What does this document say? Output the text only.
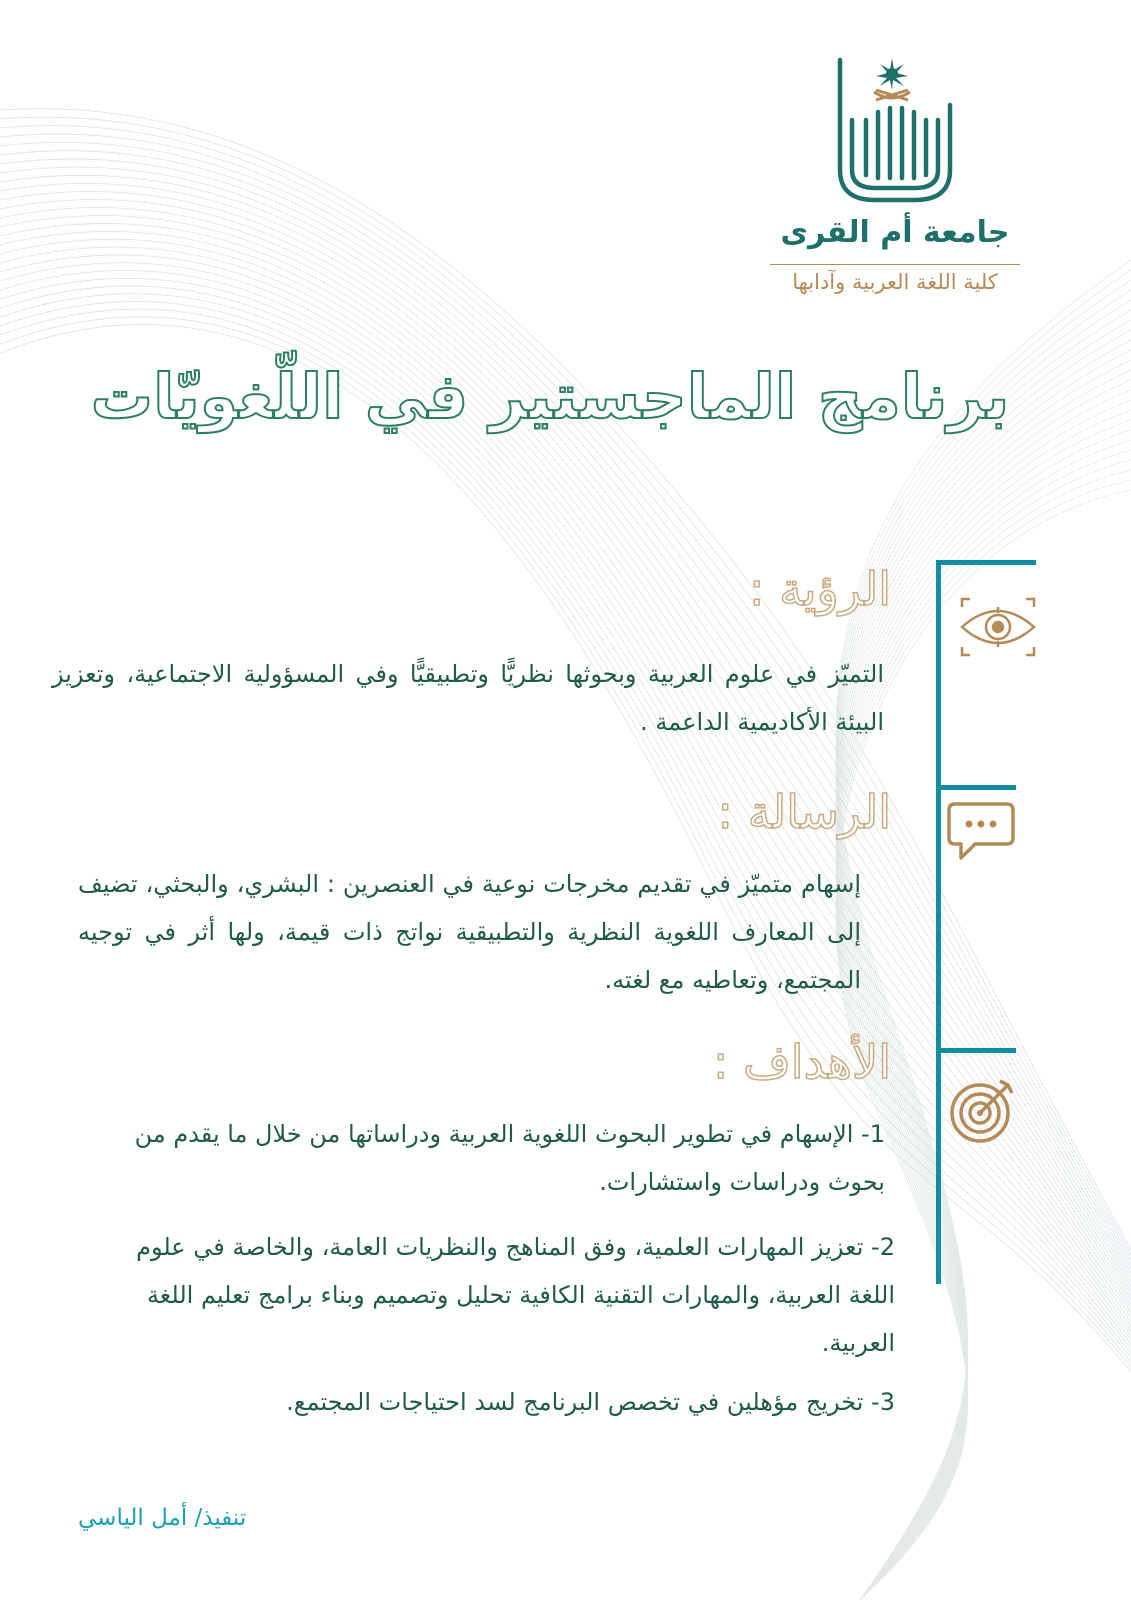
جامعة أم القرى
كلية اللغة العربية وآدابها
برنامج الماجستير في اللّغويّات
الرؤية :
التميّز في علوم العربية وبحوثها نظريًّا وتطبيقيًّا وفي المسؤولية الاجتماعية، وتعزيز البيئة الأكاديمية الداعمة .
الرسالة :
إسهام متميّز في تقديم مخرجات نوعية في العنصرين : البشري، والبحثي، تضيف إلى المعارف اللغوية النظرية والتطبيقية نواتج ذات قيمة، ولها أثر في توجيه المجتمع، وتعاطيه مع لغته.
الأهداف :
1- الإسهام في تطوير البحوث اللغوية العربية ودراساتها من خلال ما يقدم من بحوث ودراسات واستشارات.
2- تعزيز المهارات العلمية، وفق المناهج والنظريات العامة، والخاصة في علوم اللغة العربية، والمهارات التقنية الكافية تحليل وتصميم وبناء برامج تعليم اللغة العربية.
3- تخريج مؤهلين في تخصص البرنامج لسد احتياجات المجتمع.
تنفيذ/ أمل الياسي
